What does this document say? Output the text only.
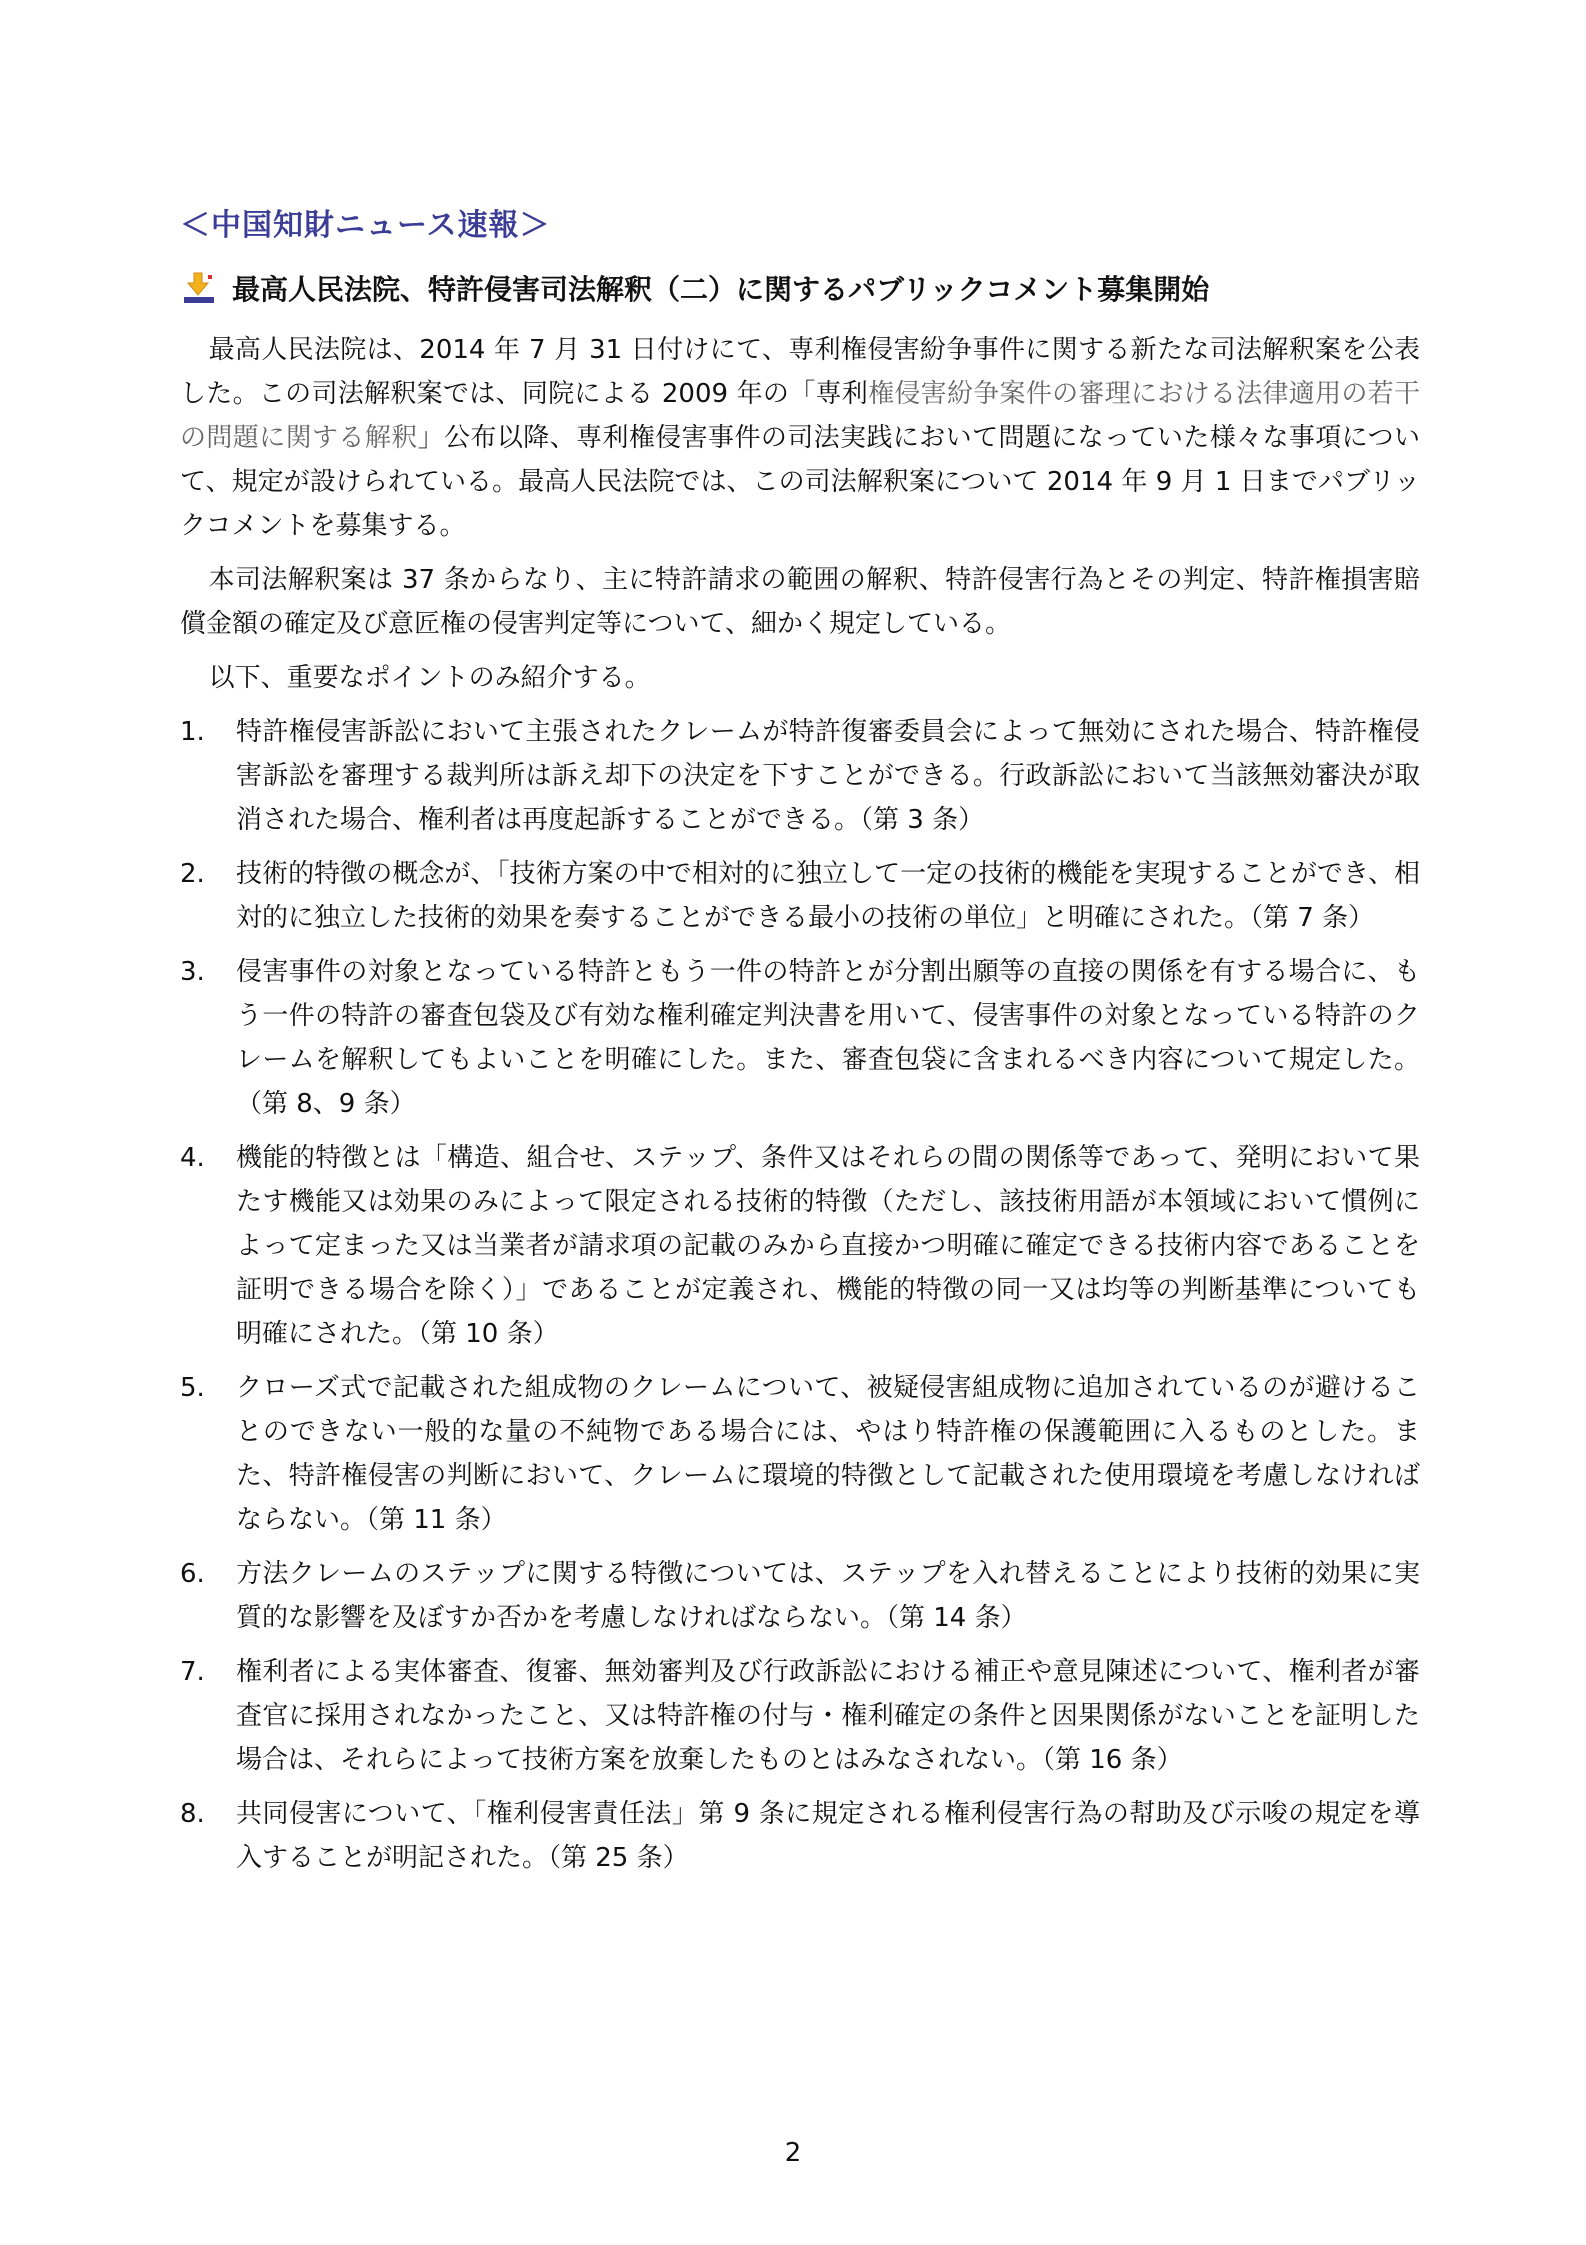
＜中国知財ニュース速報＞
最高人民法院、特許侵害司法解釈（二）に関するパブリックコメント募集開始

最高人民法院は、2014 年 7 月 31 日付けにて、専利権侵害紛争事件に関する新たな司法解釈案を公表した。この司法解釈案では、同院による 2009 年の「専利権侵害紛争案件の審理における法律適用の若干の問題に関する解釈」公布以降、専利権侵害事件の司法実践において問題になっていた様々な事項について、規定が設けられている。最高人民法院では、この司法解釈案について 2014 年 9 月 1 日までパブリックコメントを募集する。

本司法解釈案は 37 条からなり、主に特許請求の範囲の解釈、特許侵害行為とその判定、特許権損害賠償金額の確定及び意匠権の侵害判定等について、細かく規定している。

以下、重要なポイントのみ紹介する。

1.	特許権侵害訴訟において主張されたクレームが特許復審委員会によって無効にされた場合、特許権侵害訴訟を審理する裁判所は訴え却下の決定を下すことができる。行政訴訟において当該無効審決が取消された場合、権利者は再度起訴することができる。（第 3 条）
2.	技術的特徴の概念が、「技術方案の中で相対的に独立して一定の技術的機能を実現することができ、相対的に独立した技術的効果を奏することができる最小の技術の単位」と明確にされた。（第 7 条）
3.	侵害事件の対象となっている特許ともう一件の特許とが分割出願等の直接の関係を有する場合に、もう一件の特許の審査包袋及び有効な権利確定判決書を用いて、侵害事件の対象となっている特許のクレームを解釈してもよいことを明確にした。また、審査包袋に含まれるべき内容について規定した。（第 8、9 条）
4.	機能的特徴とは「構造、組合せ、ステップ、条件又はそれらの間の関係等であって、発明において果たす機能又は効果のみによって限定される技術的特徴（ただし、該技術用語が本領域において慣例によって定まった又は当業者が請求項の記載のみから直接かつ明確に確定できる技術内容であることを証明できる場合を除く）」であることが定義され、機能的特徴の同一又は均等の判断基準についても明確にされた。（第 10 条）
5.	クローズ式で記載された組成物のクレームについて、被疑侵害組成物に追加されているのが避けることのできない一般的な量の不純物である場合には、やはり特許権の保護範囲に入るものとした。また、特許権侵害の判断において、クレームに環境的特徴として記載された使用環境を考慮しなければならない。（第 11 条）
6.	方法クレームのステップに関する特徴については、ステップを入れ替えることにより技術的効果に実質的な影響を及ぼすか否かを考慮しなければならない。（第 14 条）
7.	権利者による実体審査、復審、無効審判及び行政訴訟における補正や意見陳述について、権利者が審査官に採用されなかったこと、又は特許権の付与・権利確定の条件と因果関係がないことを証明した場合は、それらによって技術方案を放棄したものとはみなされない。（第 16 条）
8.	共同侵害について、「権利侵害責任法」第 9 条に規定される権利侵害行為の幇助及び示唆の規定を導入することが明記された。（第 25 条）
2
